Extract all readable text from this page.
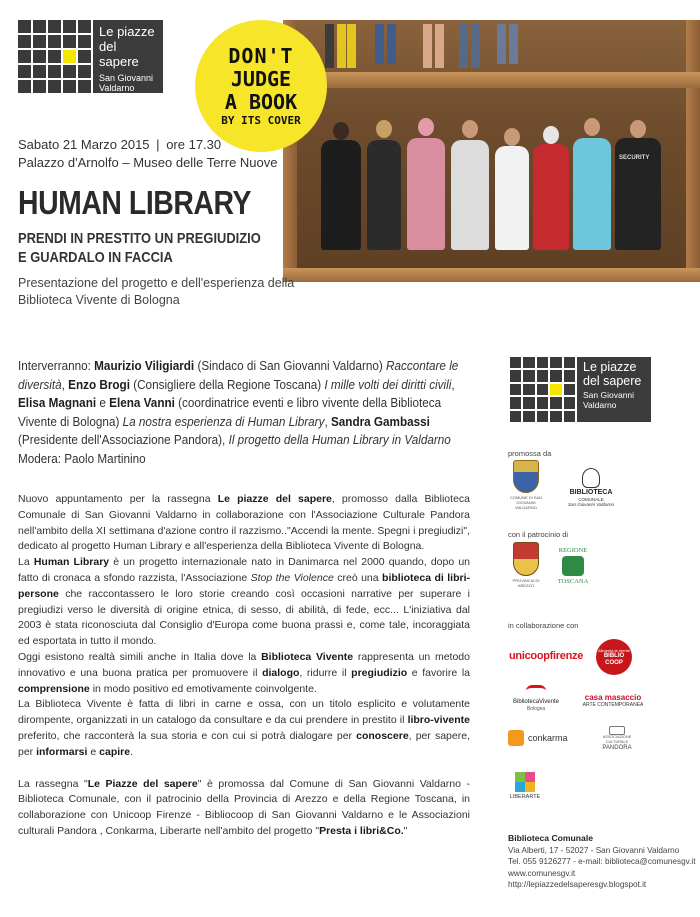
Le piazze
del sapere
San Giovanni
Valdarno
SECURITY
DON'T
JUDGE
A BOOK
BY ITS COVER
Sabato 21 Marzo 2015 | ore 17.30
Palazzo d'Arnolfo – Museo delle Terre Nuove
HUMAN LIBRARY
PRENDI IN PRESTITO UN PREGIUDIZIO
E GUARDALO IN FACCIA
Presentazione del progetto e dell'esperienza della
Biblioteca Vivente di Bologna
Interverranno: Maurizio Viligiardi (Sindaco di San Giovanni Valdarno) Raccontare le diversità, Enzo Brogi (Consigliere della Regione Toscana) I mille volti dei diritti civili, Elisa Magnani e Elena Vanni (coordinatrice eventi e libro vivente della Biblioteca Vivente di Bologna) La nostra esperienza di Human Library, Sandra Gambassi (Presidente dell'Associazione Pandora), Il progetto della Human Library in Valdarno
Modera: Paolo Martinino

Nuovo appuntamento per la rassegna Le piazze del sapere, promosso dalla Biblioteca Comunale di San Giovanni Valdarno in collaborazione con l'Associazione Culturale Pandora nell'ambito della XI settimana d'azione contro il razzismo.."Accendi la mente. Spegni i pregiudizi", dedicato al progetto Human Library e all'esperienza della Biblioteca Vivente di Bologna.

La Human Library è un progetto internazionale nato in Danimarca nel 2000 quando, dopo un fatto di cronaca a sfondo razzista, l'Associazione Stop the Violence creò una biblioteca di libri-persone che raccontassero le loro storie creando così occasioni narrative per superare i pregiudizi verso le diversità di origine etnica, di sesso, di abilità, di fede, ecc... L'iniziativa dal 2003 è stata riconosciuta dal Consiglio d'Europa come buona prassi e, come tale, incoraggiata ed esportata in tutto il mondo.

Oggi esistono realtà simili anche in Italia dove la Biblioteca Vivente rappresenta un metodo innovativo e una buona pratica per promuovere il dialogo, ridurre il pregiudizio e favorire la comprensione in modo positivo ed emotivamente coinvolgente.

La Biblioteca Vivente è fatta di libri in carne e ossa, con un titolo esplicito e volutamente dirompente, organizzati in un catalogo da consultare e da cui prendere in prestito il libro-vivente preferito, che racconterà la sua storia e con cui si potrà dialogare per conoscere, per sapere, per informarsi e capire.

La rassegna "Le Piazze del sapere" è promossa dal Comune di San Giovanni Valdarno - Biblioteca Comunale, con il patrocinio della Provincia di Arezzo e della Regione Toscana, in collaborazione con Unicoop Firenze - Bibliocoop di San Giovanni Valdarno e le Associazioni culturali Pandora , Conkarma, Liberarte nell'ambito del progetto "Presta i libri&Co."

Le piazze
del sapere
San Giovanni
Valdarno
promossa da
COMUNE DI SAN GIOVANNI VALDARNO
BIBLIOTECA
COMUNALE
San Giovanni Valdarno
con il patrocinio di
PROVINCIA DI AREZZO
REGIONE
TOSCANA
in collaborazione con
unicoopfirenze	Alimenta la mente
BIBLIO
COOP
BibliotecaVivente
Bologna
casa masaccio
ARTE CONTEMPORANEA
conkarma	ASSOCIAZIONE CULTURALE
PANDORA
LIBERARTE
Biblioteca Comunale
Via Alberti, 17 - 52027 - San Giovanni Valdarno
Tel. 055 9126277 - e-mail: biblioteca@comunesgv.it
www.comunesgv.it
http://lepiazzedelsaperesgv.blogspot.it
